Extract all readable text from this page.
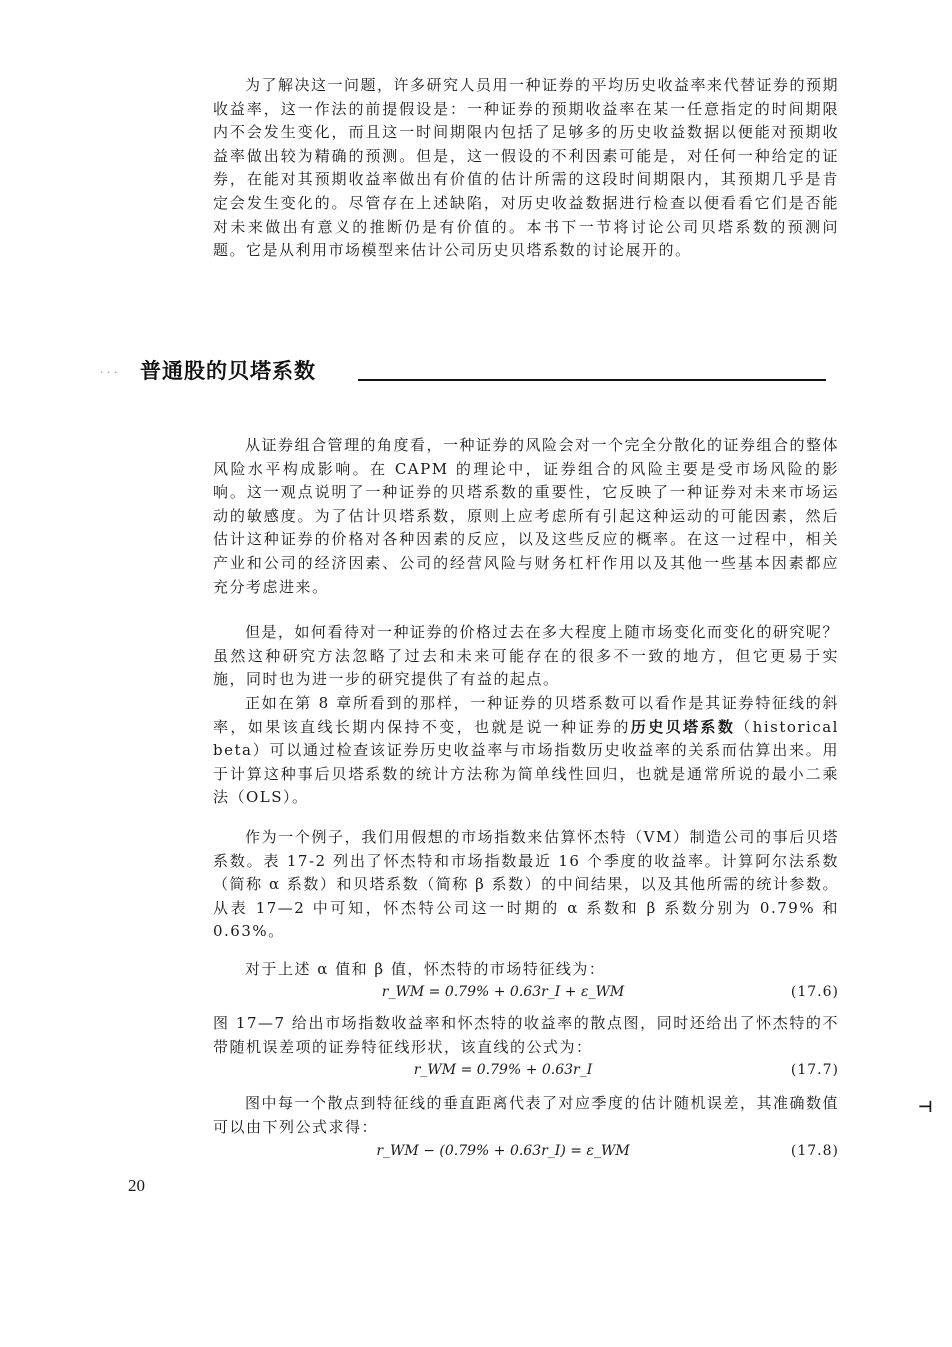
为了解决这一问题，许多研究人员用一种证券的平均历史收益率来代替证券的预期收益率，这一作法的前提假设是：一种证券的预期收益率在某一任意指定的时间期限内不会发生变化，而且这一时间期限内包括了足够多的历史收益数据以便能对预期收益率做出较为精确的预测。但是，这一假设的不利因素可能是，对任何一种给定的证券，在能对其预期收益率做出有价值的估计所需的这段时间期限内，其预期几乎是肯定会发生变化的。尽管存在上述缺陷，对历史收益数据进行检查以便看看它们是否能对未来做出有意义的推断仍是有价值的。本书下一节将讨论公司贝塔系数的预测问题。它是从利用市场模型来估计公司历史贝塔系数的讨论展开的。

· · · 普通股的贝塔系数

从证券组合管理的角度看，一种证券的风险会对一个完全分散化的证券组合的整体风险水平构成影响。在 CAPM 的理论中，证券组合的风险主要是受市场风险的影响。这一观点说明了一种证券的贝塔系数的重要性，它反映了一种证券对未来市场运动的敏感度。为了估计贝塔系数，原则上应考虑所有引起这种运动的可能因素，然后估计这种证券的价格对各种因素的反应，以及这些反应的概率。在这一过程中，相关产业和公司的经济因素、公司的经营风险与财务杠杆作用以及其他一些基本因素都应充分考虑进来。

但是，如何看待对一种证券的价格过去在多大程度上随市场变化而变化的研究呢？虽然这种研究方法忽略了过去和未来可能存在的很多不一致的地方，但它更易于实施，同时也为进一步的研究提供了有益的起点。

正如在第 8 章所看到的那样，一种证券的贝塔系数可以看作是其证券特征线的斜率，如果该直线长期内保持不变，也就是说一种证券的历史贝塔系数（historical beta）可以通过检查该证券历史收益率与市场指数历史收益率的关系而估算出来。用于计算这种事后贝塔系数的统计方法称为简单线性回归，也就是通常所说的最小二乘法（OLS）。

作为一个例子，我们用假想的市场指数来估算怀杰特（VM）制造公司的事后贝塔系数。表 17-2 列出了怀杰特和市场指数最近 16 个季度的收益率。计算阿尔法系数（简称 α 系数）和贝塔系数（简称 β 系数）的中间结果，以及其他所需的统计参数。从表 17—2 中可知，怀杰特公司这一时期的 α 系数和 β 系数分别为 0.79% 和 0.63%。

对于上述 α 值和 β 值，怀杰特的市场特征线为：

r_WM = 0.79% + 0.63r_I + ε_WM	(17.6)

图 17—7 给出市场指数收益率和怀杰特的收益率的散点图，同时还给出了怀杰特的不带随机误差项的证券特征线形状，该直线的公式为：

r_WM = 0.79% + 0.63r_I	(17.7)

图中每一个散点到特征线的垂直距离代表了对应季度的估计随机误差，其准确数值可以由下列公式求得：

r_WM − (0.79% + 0.63r_I) = ε_WM	(17.8)
⊣
20
